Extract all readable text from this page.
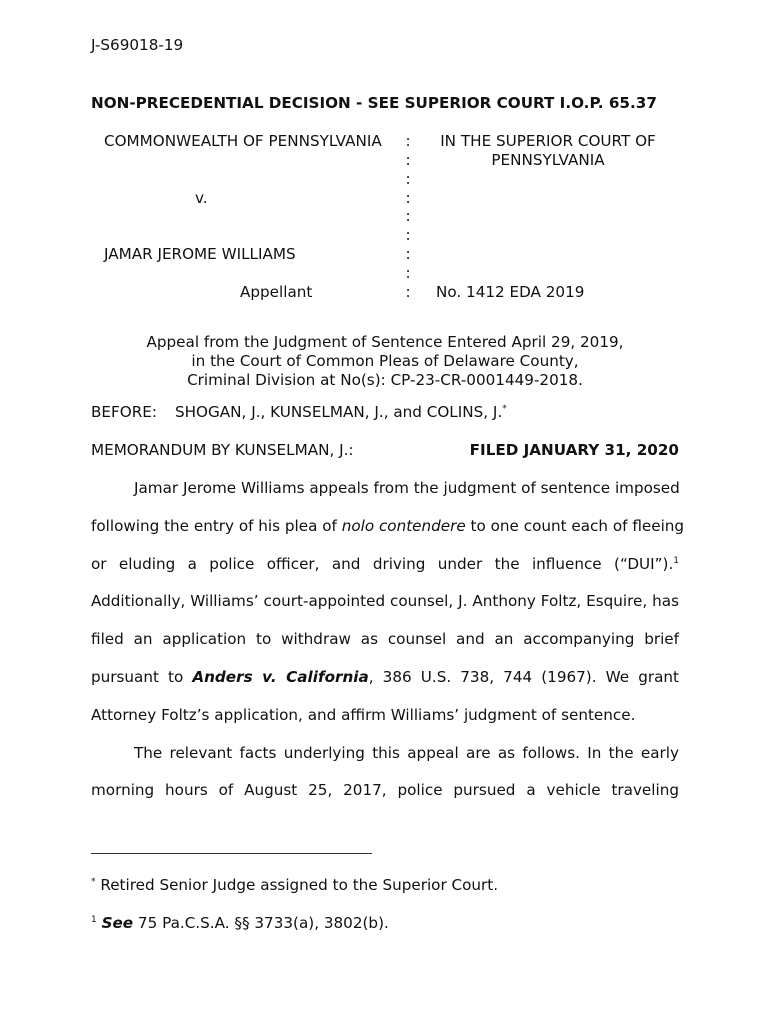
J-S69018-19
NON-PRECEDENTIAL DECISION - SEE SUPERIOR COURT I.O.P. 65.37
COMMONWEALTH OF PENNSYLVANIA
v.
JAMAR JEROME WILLIAMS
Appellant
:
:
:
:
:
:
:
:
:
IN THE SUPERIOR COURT OF
PENNSYLVANIA
No. 1412 EDA 2019
Appeal from the Judgment of Sentence Entered April 29, 2019,
in the Court of Common Pleas of Delaware County,
Criminal Division at No(s): CP-23-CR-0001449-2018.
BEFORE: SHOGAN, J., KUNSELMAN, J., and COLINS, J.*
MEMORANDUM BY KUNSELMAN, J.:	FILED JANUARY 31, 2020
Jamar Jerome Williams appeals from the judgment of sentence imposed
following the entry of his plea of nolo contendere to one count each of fleeing
or eluding a police officer, and driving under the influence (“DUI”).$^1$
Additionally, Williams’ court-appointed counsel, J. Anthony Foltz, Esquire, has
filed an application to withdraw as counsel and an accompanying brief
pursuant to Anders v. California, 386 U.S. 738, 744 (1967). We grant
Attorney Foltz’s application, and affirm Williams’ judgment of sentence.
The relevant facts underlying this appeal are as follows. In the early
morning hours of August 25, 2017, police pursued a vehicle traveling
* Retired Senior Judge assigned to the Superior Court.
$^1$ See 75 Pa.C.S.A. §§ 3733(a), 3802(b).
